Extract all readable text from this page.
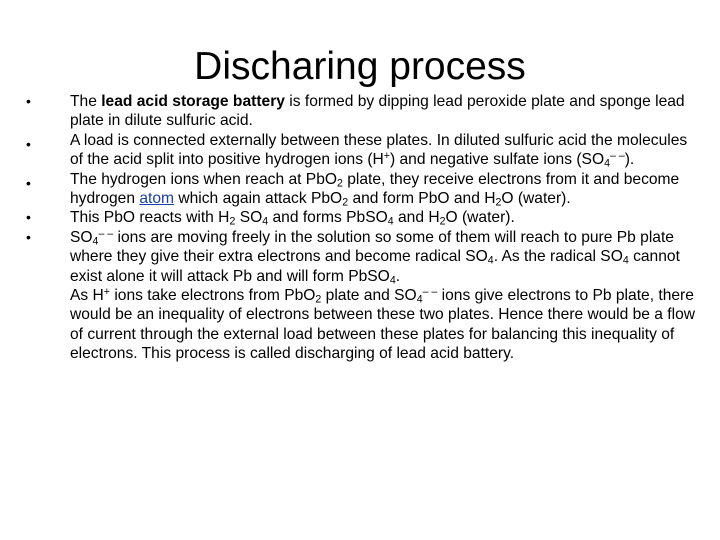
Discharing process
•	The lead acid storage battery is formed by dipping lead peroxide plate and sponge lead plate in dilute sulfuric acid.
•	A load is connected externally between these plates. In diluted sulfuric acid the molecules of the acid split into positive hydrogen ions (H+) and negative sulfate ions $(SO_4^{- -})$.
•	The hydrogen ions when reach at PbO$_2$ plate, they receive electrons from it and become hydrogen atom which again attack PbO$_2$ and form PbO and $H_2O$ (water).
•	This PbO reacts with $H_2$ $SO_4$ and forms PbSO$_4$ and $H_2O$ (water).
•	$SO_4^{- -}$ ions are moving freely in the solution so some of them will reach to pure Pb plate where they give their extra electrons and become radical $SO_4$. As the radical $SO_4$ cannot exist alone it will attack Pb and will form PbSO$_4$.
As H+ ions take electrons from PbO$_2$ plate and $SO_4^{- -}$ ions give electrons to Pb plate, there would be an inequality of electrons between these two plates. Hence there would be a flow of current through the external load between these plates for balancing this inequality of electrons. This process is called discharging of lead acid battery.
